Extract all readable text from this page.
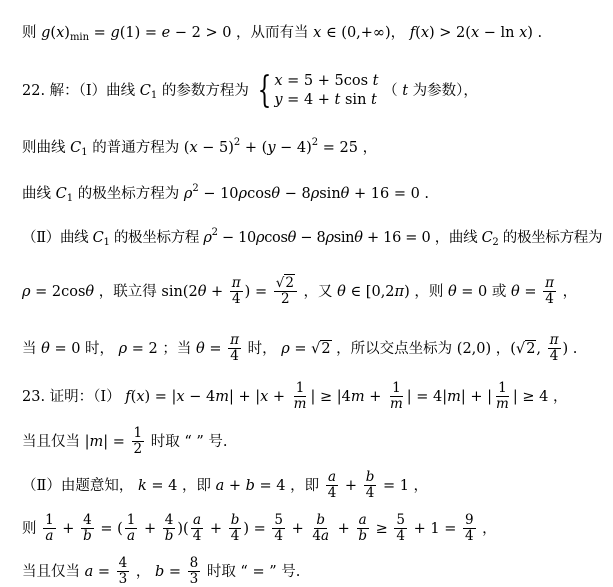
则 $g(x)_{min} = g(1) = e - 2 > 0$ ，从而有当 x ∈ (0,+∞)， f(x) > 2(x − ln x) .
22. 解：（Ⅰ）曲线 $C_1$ 的参数方程为 { x = 5 + 5cos t
y = 4 + t sin t
（ t 为参数），
则曲线 $C_1$ 的普通方程为 $(x - 5)^2 + (y - 4)^2 = 25$ ，
曲线 $C_1$ 的极坐标方程为 $\rho^2 - 10\rho\cos\theta - 8\rho\sin\theta + 16 = 0$ .
（Ⅱ）曲线 $C_1$ 的极坐标方程 $\rho^2 - 10\rho\cos\theta - 8\rho\sin\theta + 16 = 0$ ，曲线 $C_2$ 的极坐标方程为
ρ = 2cosθ ，联立得 $\sin(2\theta + \frac{\pi}{4}$ ) = $\frac{√2}{2}$ ，又 θ ∈ [0,2π) ，则 θ = 0 或 $\theta = \frac{\pi}{4}$ ，
当 θ = 0 时， ρ = 2 ；当 $\theta = \frac{\pi}{4}$ 时， ρ = √2 ，所以交点坐标为 (2,0) ，(√2, $\frac{\pi}{4}$ ) .
23. 证明：（Ⅰ） $f(x) = |x - 4m| + |x + \frac{1}{m}$ | ≥ $|4m + \frac{1}{m}$ | = 4|m| + | $\frac{1}{m}$ | ≥ 4 ，
当且仅当 $|m| = \frac{1}{2}$ 时取 “ ” 号.
（Ⅱ）由题意知， k = 4 ，即 a + b = 4 ，即 $\frac{a}{4} + \frac{b}{4} = 1$ ，
则 $\frac{1}{a} + \frac{4}{b}$ = ( $\frac{1}{a} + \frac{4}{b}$ )( $\frac{a}{4} + \frac{b}{4}$ ) = $\frac{5}{4} + \frac{b}{4a} + \frac{a}{b} \ge \frac{5}{4} + 1 = \frac{9}{4}$ ，
当且仅当 $a = \frac{4}{3}$ ， $b = \frac{8}{3}$ 时取 “ = ” 号.
